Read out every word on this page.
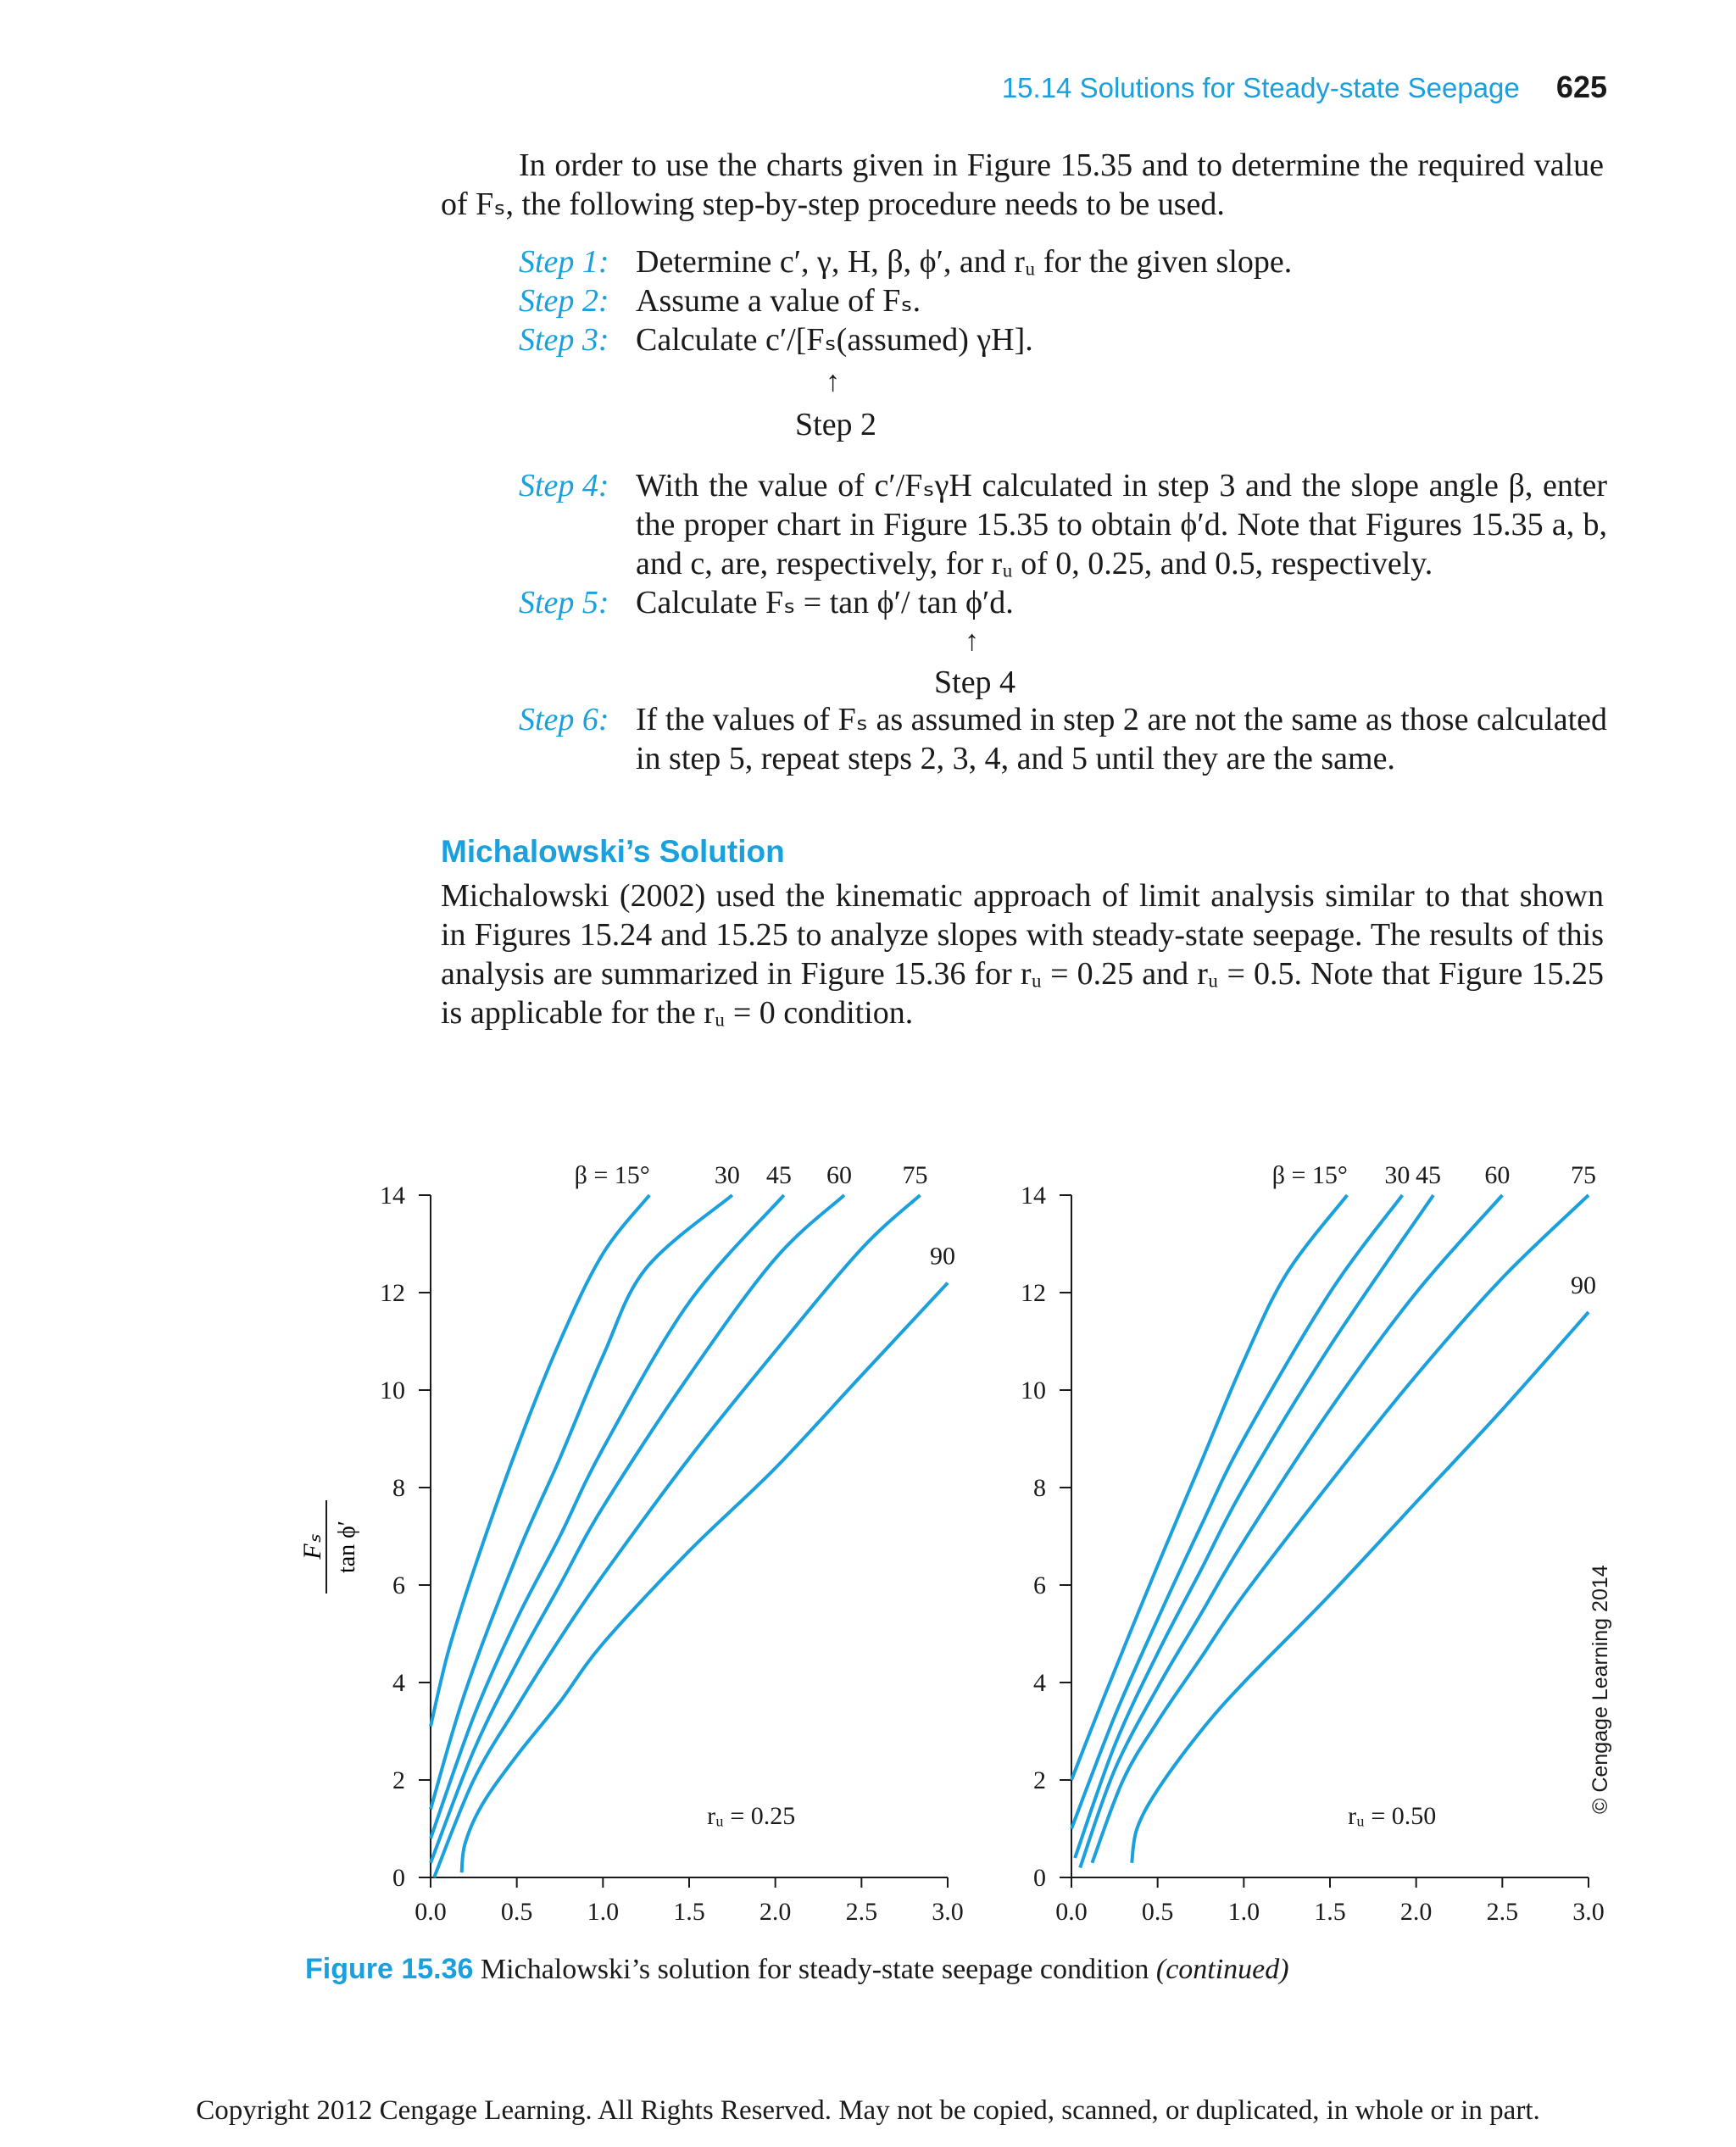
15.14 Solutions for Steady-state Seepage 625
In order to use the charts given in Figure 15.35 and to determine the required value of Fₛ, the following step-by-step procedure needs to be used.
Step 1: Determine c′, γ, H, β, ϕ′, and rᵤ for the given slope.
Step 2: Assume a value of Fₛ.
Step 3: Calculate c′/[Fₛ(assumed) γH].
↑
Step 2
Step 4: With the value of c′/FₛγH calculated in step 3 and the slope angle β, enter the proper chart in Figure 15.35 to obtain ϕ′d. Note that Figures 15.35 a, b, and c, are, respectively, for rᵤ of 0, 0.25, and 0.5, respectively.
Step 5: Calculate Fₛ = tan ϕ′/ tan ϕ′d.
↑
Step 4
Step 6: If the values of Fₛ as assumed in step 2 are not the same as those calculated in step 5, repeat steps 2, 3, 4, and 5 until they are the same.
Michalowski’s Solution
Michalowski (2002) used the kinematic approach of limit analysis similar to that shown in Figures 15.24 and 15.25 to analyze slopes with steady-state seepage. The results of this analysis are summarized in Figure 15.36 for rᵤ = 0.25 and rᵤ = 0.5. Note that Figure 15.25 is applicable for the rᵤ = 0 condition.
0.0 0.5 1.0 1.5 2.0 2.5 3.0
0
2
4
6
8
10
12
14
β = 15°	30 45 60 75
90
rᵤ = 0.25
0.0 0.5 1.0 1.5 2.0 2.5 3.0
0
2
4
6
8
10
12
14
β = 15° 30 45 60 75
90
rᵤ = 0.50
Fₛ tan ϕ′
© Cengage Learning 2014
Figure 15.36 Michalowski’s solution for steady-state seepage condition (continued)
Copyright 2012 Cengage Learning. All Rights Reserved. May not be copied, scanned, or duplicated, in whole or in part.
